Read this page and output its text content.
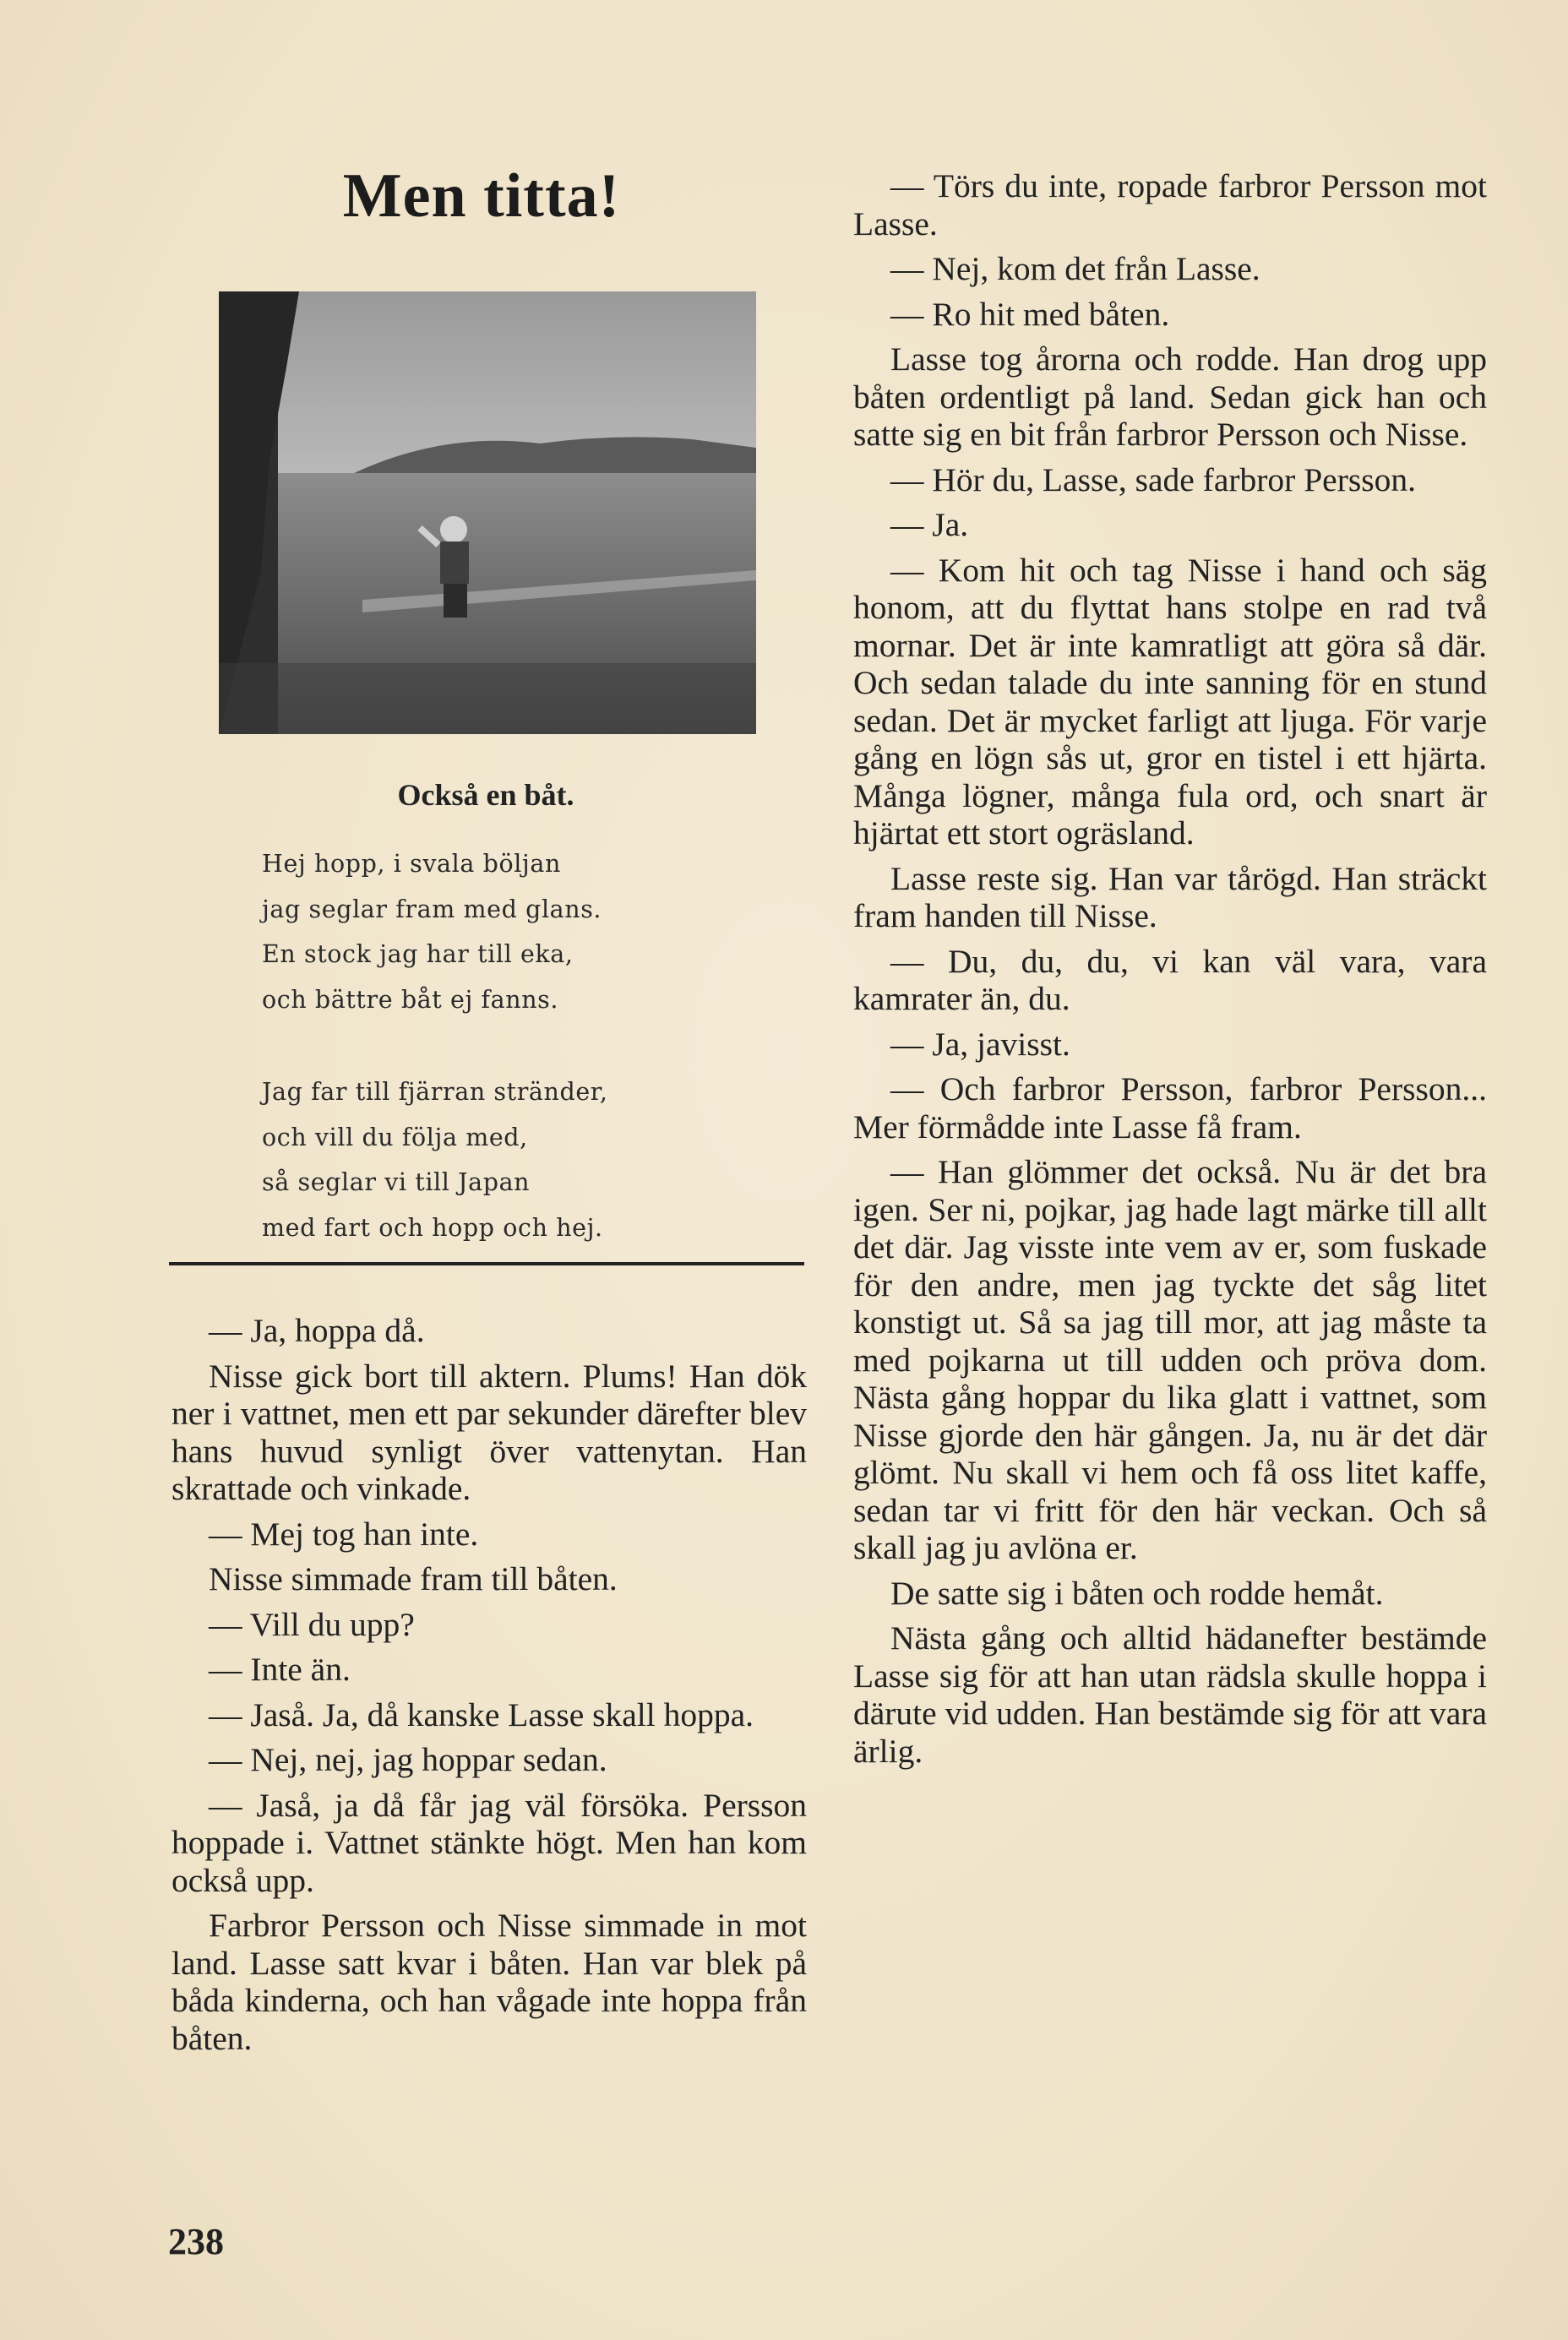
Men titta!
Också en båt.
Hej hopp, i svala böljan
jag seglar fram med glans.
En stock jag har till eka,
och bättre båt ej fanns.
Jag far till fjärran stränder,
och vill du följa med,
så seglar vi till Japan
med fart och hopp och hej.

— Ja, hoppa då.

Nisse gick bort till aktern. Plums! Han dök ner i vattnet, men ett par sekunder därefter blev hans huvud synligt över vattenytan. Han skrattade och vinkade.

— Mej tog han inte.

Nisse simmade fram till båten.

— Vill du upp?

— Inte än.

— Jaså. Ja, då kanske Lasse skall hoppa.

— Nej, nej, jag hoppar sedan.

— Jaså, ja då får jag väl försöka. Persson hoppade i. Vattnet stänkte högt. Men han kom också upp.

Farbror Persson och Nisse simmade in mot land. Lasse satt kvar i båten. Han var blek på båda kinderna, och han vågade inte hoppa från båten.

— Törs du inte, ropade farbror Persson mot Lasse.

— Nej, kom det från Lasse.

— Ro hit med båten.

Lasse tog årorna och rodde. Han drog upp båten ordentligt på land. Sedan gick han och satte sig en bit från farbror Persson och Nisse.

— Hör du, Lasse, sade farbror Persson.

— Ja.

— Kom hit och tag Nisse i hand och säg honom, att du flyttat hans stolpe en rad två mornar. Det är inte kamratligt att göra så där. Och sedan talade du inte sanning för en stund sedan. Det är mycket farligt att ljuga. För varje gång en lögn sås ut, gror en tistel i ett hjärta. Många lögner, många fula ord, och snart är hjärtat ett stort ogräsland.

Lasse reste sig. Han var tårögd. Han sträckt fram handen till Nisse.

— Du, du, du, vi kan väl vara, vara kamrater än, du.

— Ja, javisst.

— Och farbror Persson, farbror Persson... Mer förmådde inte Lasse få fram.

— Han glömmer det också. Nu är det bra igen. Ser ni, pojkar, jag hade lagt märke till allt det där. Jag visste inte vem av er, som fuskade för den andre, men jag tyckte det såg litet konstigt ut. Så sa jag till mor, att jag måste ta med pojkarna ut till udden och pröva dom. Nästa gång hoppar du lika glatt i vattnet, som Nisse gjorde den här gången. Ja, nu är det där glömt. Nu skall vi hem och få oss litet kaffe, sedan tar vi fritt för den här veckan. Och så skall jag ju avlöna er.

De satte sig i båten och rodde hemåt.

Nästa gång och alltid hädanefter bestämde Lasse sig för att han utan rädsla skulle hoppa i därute vid udden. Han bestämde sig för att vara ärlig.

238
